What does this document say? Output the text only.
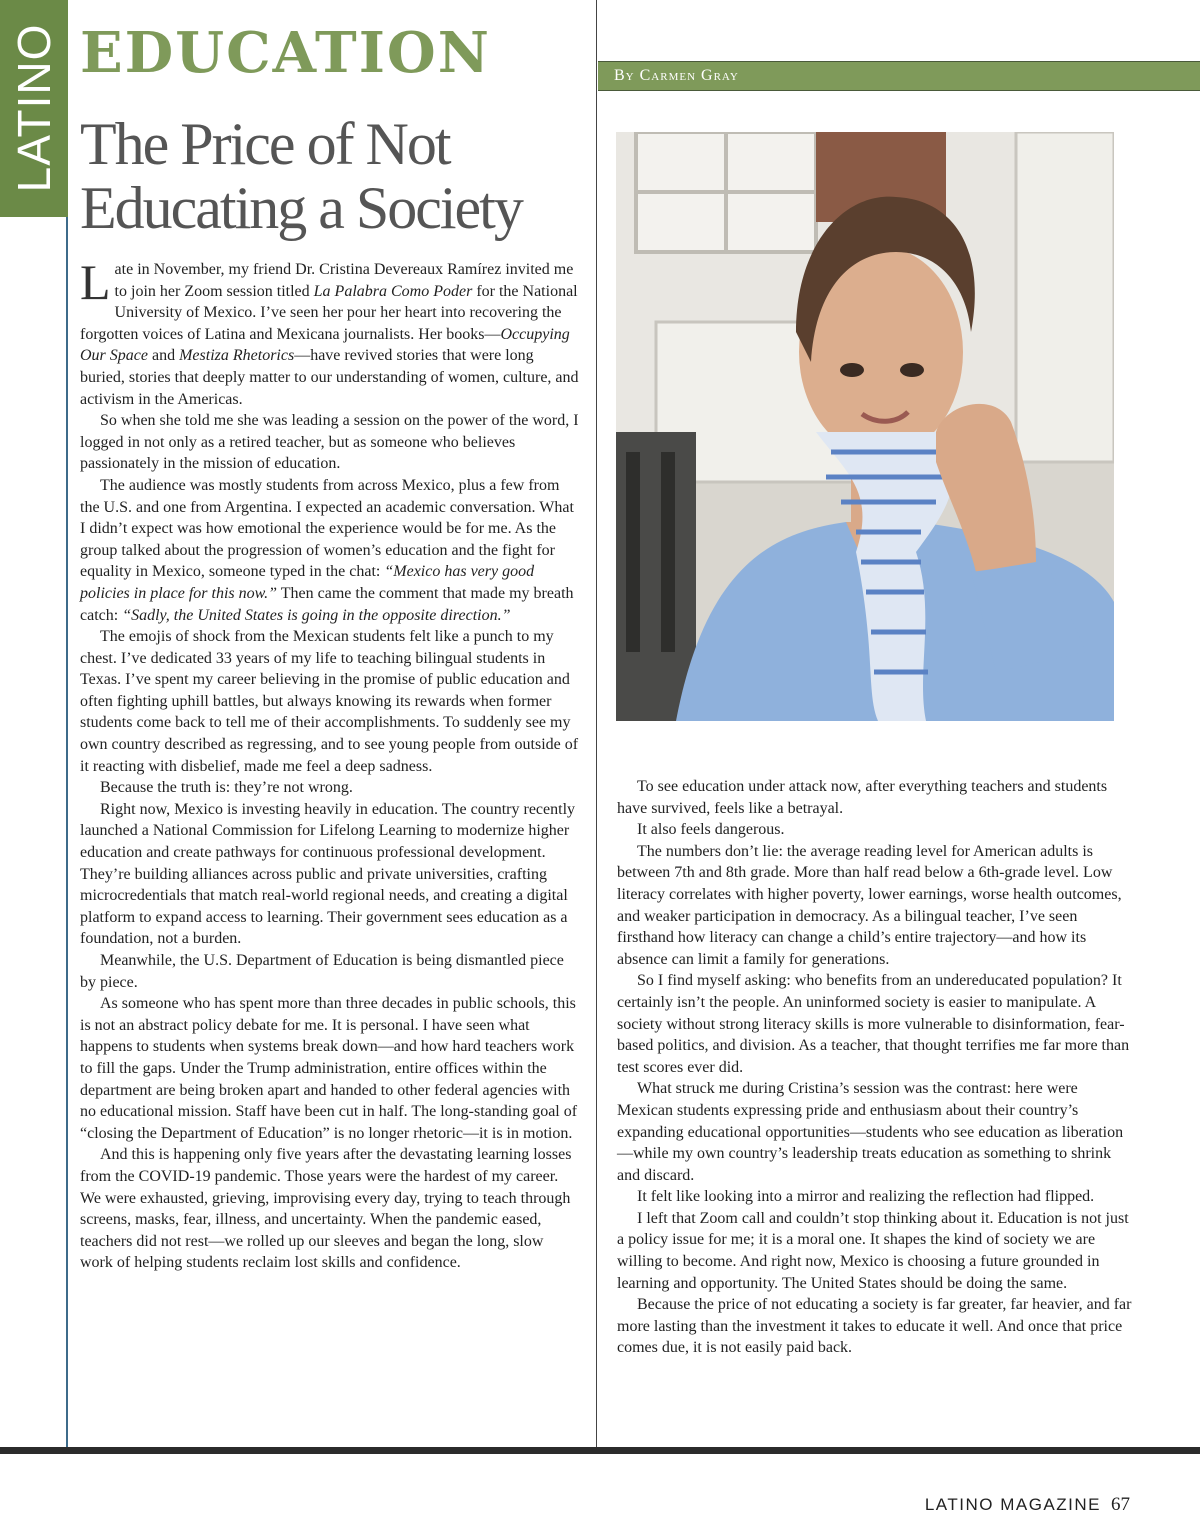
LATINO EDUCATION
The Price of Not Educating a Society
By Carmen Gray

Late in November, my friend Dr. Cristina Devereaux Ramírez invited me to join her Zoom session titled La Palabra Como Poder for the National University of Mexico. I’ve seen her pour her heart into recovering the forgotten voices of Latina and Mexicana journalists. Her books—Occupying Our Space and Mestiza Rhetorics—have revived stories that were long buried, stories that deeply matter to our understanding of women, culture, and activism in the Americas.

So when she told me she was leading a session on the power of the word, I logged in not only as a retired teacher, but as someone who believes passionately in the mission of education.

The audience was mostly students from across Mexico, plus a few from the U.S. and one from Argentina. I expected an academic conversation. What I didn’t expect was how emotional the experience would be for me. As the group talked about the progression of women’s education and the fight for equality in Mexico, someone typed in the chat: “Mexico has very good policies in place for this now.” Then came the comment that made my breath catch: “Sadly, the United States is going in the opposite direction.”

The emojis of shock from the Mexican students felt like a punch to my chest. I’ve dedicated 33 years of my life to teaching bilingual students in Texas. I’ve spent my career believing in the promise of public education and often fighting uphill battles, but always knowing its rewards when former students come back to tell me of their accomplishments. To suddenly see my own country described as regressing, and to see young people from outside of it reacting with disbelief, made me feel a deep sadness.

Because the truth is: they’re not wrong.

Right now, Mexico is investing heavily in education. The country recently launched a National Commission for Lifelong Learning to modernize higher education and create pathways for continuous professional development. They’re building alliances across public and private universities, crafting microcredentials that match real-world regional needs, and creating a digital platform to expand access to learning. Their government sees education as a foundation, not a burden.

Meanwhile, the U.S. Department of Education is being dismantled piece by piece.

As someone who has spent more than three decades in public schools, this is not an abstract policy debate for me. It is personal. I have seen what happens to students when systems break down—and how hard teachers work to fill the gaps. Under the Trump administration, entire offices within the department are being broken apart and handed to other federal agencies with no educational mission. Staff have been cut in half. The long-standing goal of “closing the Department of Education” is no longer rhetoric—it is in motion.

And this is happening only five years after the devastating learning losses from the COVID-19 pandemic. Those years were the hardest of my career. We were exhausted, grieving, improvising every day, trying to teach through screens, masks, fear, illness, and uncertainty. When the pandemic eased, teachers did not rest—we rolled up our sleeves and began the long, slow work of helping students reclaim lost skills and confidence.

To see education under attack now, after everything teachers and students have survived, feels like a betrayal.

It also feels dangerous.

The numbers don’t lie: the average reading level for American adults is between 7th and 8th grade. More than half read below a 6th-grade level. Low literacy correlates with higher poverty, lower earnings, worse health outcomes, and weaker participation in democracy. As a bilingual teacher, I’ve seen firsthand how literacy can change a child’s entire trajectory—and how its absence can limit a family for generations.

So I find myself asking: who benefits from an undereducated population? It certainly isn’t the people. An uninformed society is easier to manipulate. A society without strong literacy skills is more vulnerable to disinformation, fear-based politics, and division. As a teacher, that thought terrifies me far more than test scores ever did.

What struck me during Cristina’s session was the contrast: here were Mexican students expressing pride and enthusiasm about their country’s expanding educational opportunities—students who see education as liberation—while my own country’s leadership treats education as something to shrink and discard.

It felt like looking into a mirror and realizing the reflection had flipped.

I left that Zoom call and couldn’t stop thinking about it. Education is not just a policy issue for me; it is a moral one. It shapes the kind of society we are willing to become. And right now, Mexico is choosing a future grounded in learning and opportunity. The United States should be doing the same.

Because the price of not educating a society is far greater, far heavier, and far more lasting than the investment it takes to educate it well. And once that price comes due, it is not easily paid back.

LATINO MAGAZINE 67
